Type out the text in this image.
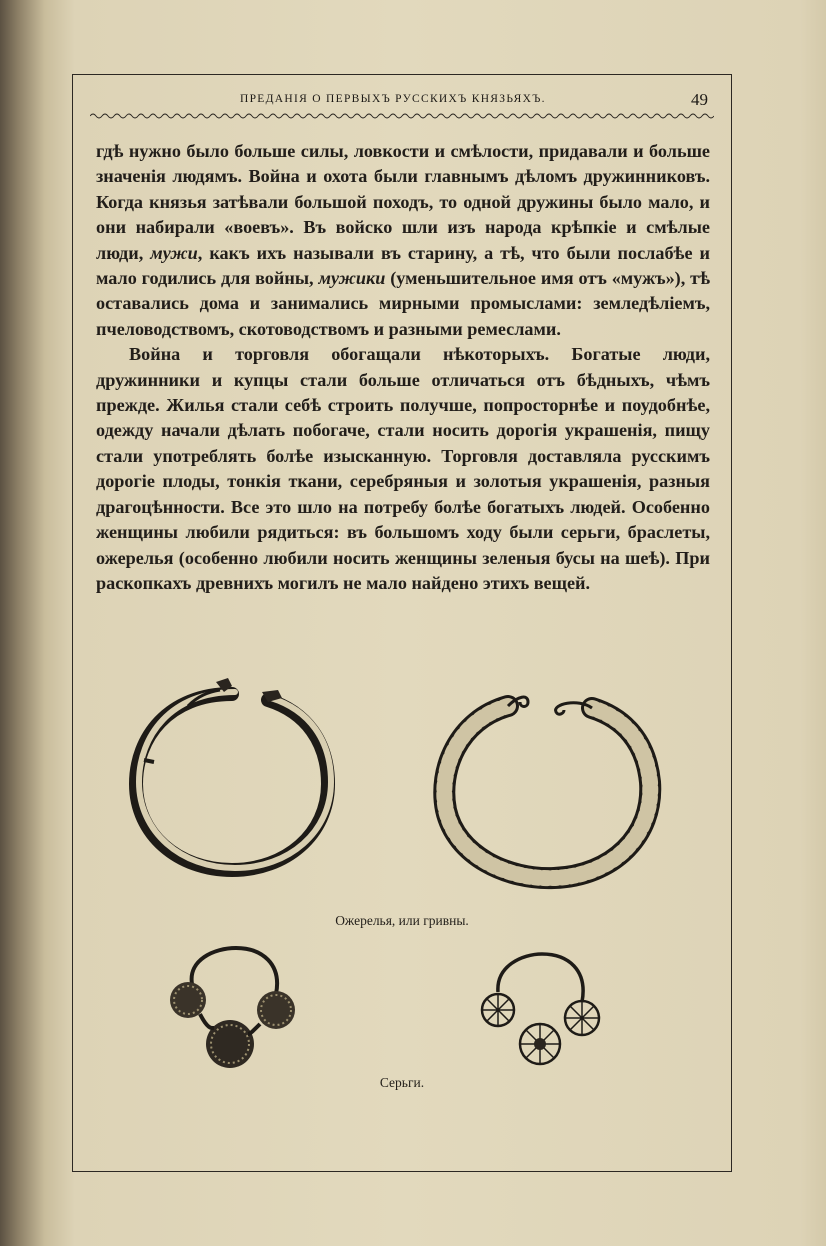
ПРЕДАНІЯ О ПЕРВЫХЪ РУССКИХЪ КНЯЗЬЯХЪ.	49

гдѣ нужно было больше силы, ловкости и смѣлости, придавали и больше значенія людямъ. Война и охота были главнымъ дѣломъ дружинниковъ. Когда князья затѣвали большой походъ, то одной дружины было мало, и они набирали «воевъ». Въ войско шли изъ народа крѣпкіе и смѣлые люди, мужи, какъ ихъ называли въ старину, а тѣ, что были послабѣе и мало годились для войны, мужики (уменьшительное имя отъ «мужъ»), тѣ оставались дома и занимались мирными промыслами: земледѣліемъ, пчеловодствомъ, скотоводствомъ и разными ремеслами.

Война и торговля обогащали нѣкоторыхъ. Богатые люди, дружинники и купцы стали больше отличаться отъ бѣдныхъ, чѣмъ прежде. Жилья стали себѣ строить получше, попросторнѣе и поудобнѣе, одежду начали дѣлать побогаче, стали носить дорогія украшенія, пищу стали употреблять болѣе изысканную. Торговля доставляла русскимъ дорогіе плоды, тонкія ткани, серебряныя и золотыя украшенія, разныя драгоцѣнности. Все это шло на потребу болѣе богатыхъ людей. Особенно женщины любили рядиться: въ большомъ ходу были серьги, браслеты, ожерелья (особенно любили носить женщины зеленыя бусы на шеѣ). При раскопкахъ древнихъ могилъ не мало найдено этихъ вещей.

Ожерелья, или гривны.
Серьги.
